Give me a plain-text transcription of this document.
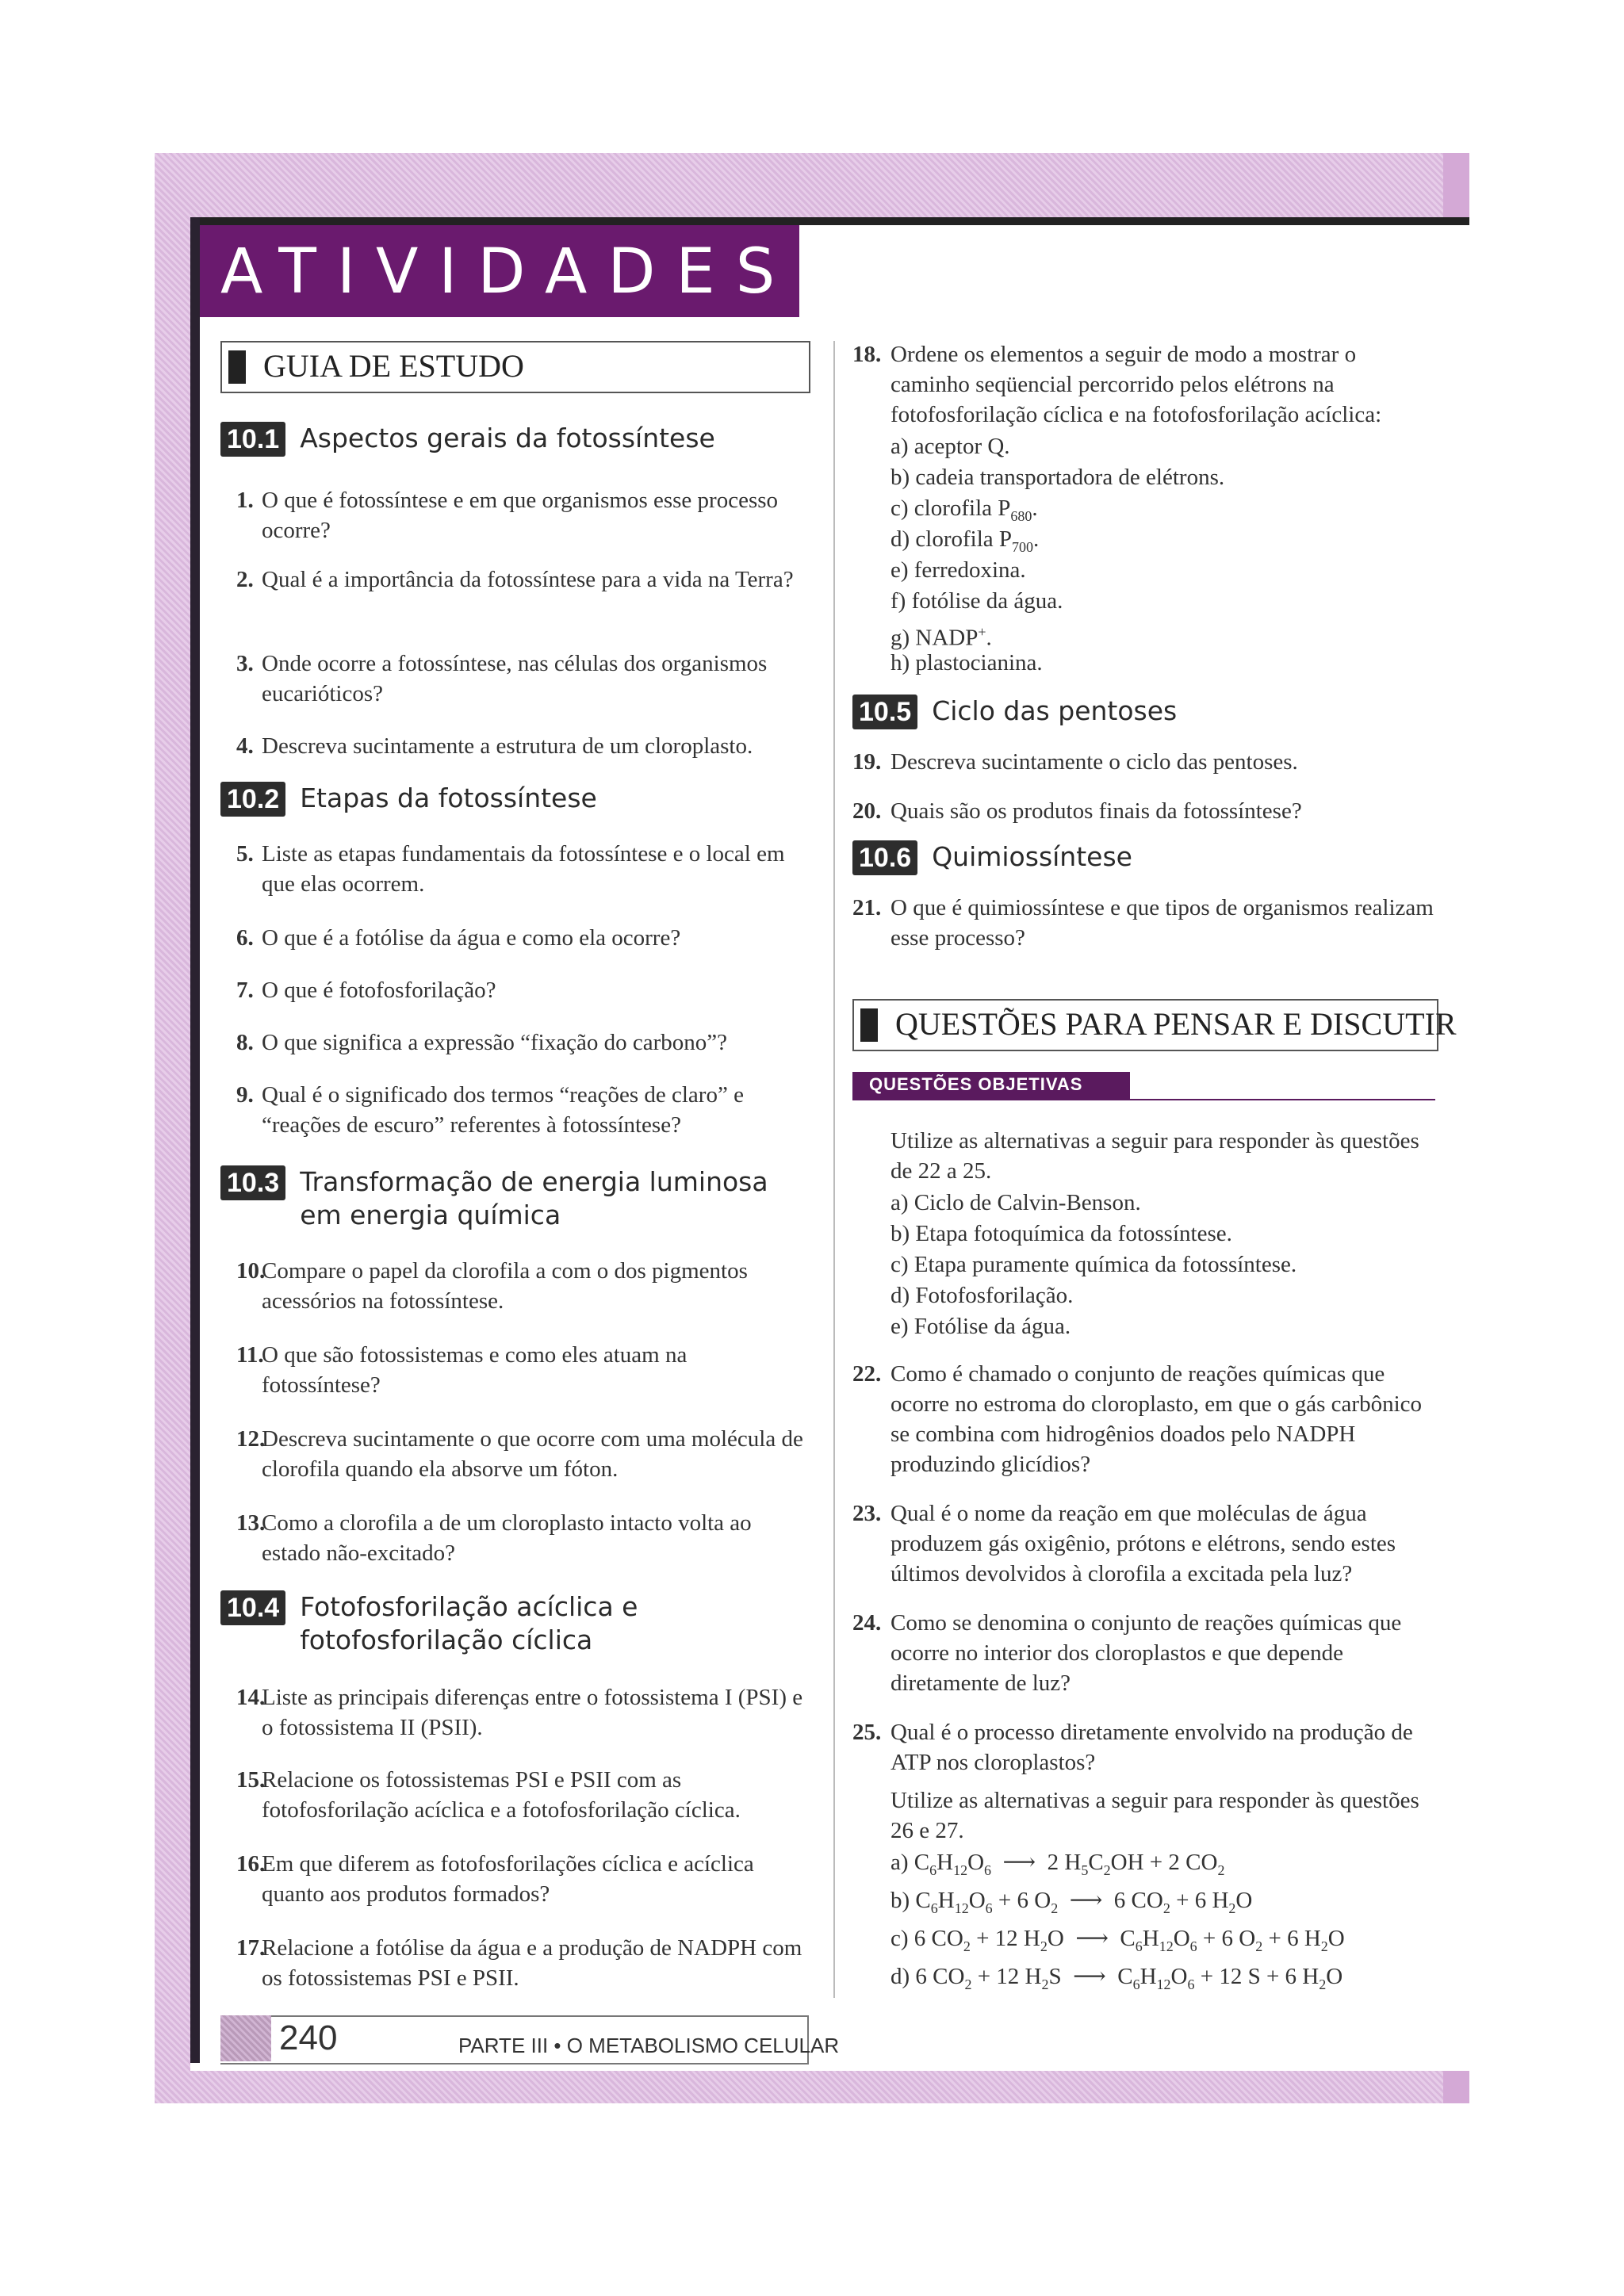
ATIVIDADES
GUIA DE ESTUDO
10.1 Aspectos gerais da fotossíntese
1. O que é fotossíntese e em que organismos esse processo ocorre?
2. Qual é a importância da fotossíntese para a vida na Terra?
3. Onde ocorre a fotossíntese, nas células dos organismos eucarióticos?
4. Descreva sucintamente a estrutura de um cloroplasto.
10.2 Etapas da fotossíntese
5. Liste as etapas fundamentais da fotossíntese e o local em que elas ocorrem.
6. O que é a fotólise da água e como ela ocorre?
7. O que é fotofosforilação?
8. O que significa a expressão “fixação do carbono”?
9. Qual é o significado dos termos “reações de claro” e “reações de escuro” referentes à fotossíntese?
10.3 Transformação de energia luminosa em energia química
10.
Compare o papel da clorofila a com o dos pigmentos acessórios na fotossíntese.
11.
O que são fotossistemas e como eles atuam na fotossíntese?
12.
Descreva sucintamente o que ocorre com uma molécula de clorofila quando ela absorve um fóton.
13.
Como a clorofila a de um cloroplasto intacto volta ao estado não-excitado?
10.4 Fotofosforilação acíclica e fotofosforilação cíclica
14.
Liste as principais diferenças entre o fotossistema I (PSI) e o fotossistema II (PSII).
15.
Relacione os fotossistemas PSI e PSII com as fotofosforilação acíclica e a fotofosforilação cíclica.
16.
Em que diferem as fotofosforilações cíclica e acíclica quanto aos produtos formados?
17.
Relacione a fotólise da água e a produção de NADPH com os fotossistemas PSI e PSII.
18. Ordene os elementos a seguir de modo a mostrar o caminho seqüencial percorrido pelos elétrons na fotofosforilação cíclica e na fotofosforilação acíclica:
a) aceptor Q.
b) cadeia transportadora de elétrons.
c) clorofila $P_{680}$.
d) clorofila $P_{700}$.
e) ferredoxina.
f) fotólise da água.
g) NADP+.
h) plastocianina.
10.5 Ciclo das pentoses
19. Descreva sucintamente o ciclo das pentoses.
20. Quais são os produtos finais da fotossíntese?
10.6 Quimiossíntese
21. O que é quimiossíntese e que tipos de organismos realizam esse processo?
QUESTÕES PARA PENSAR E DISCUTIR
QUESTÕES OBJETIVAS
Utilize as alternativas a seguir para responder às questões de 22 a 25.
a) Ciclo de Calvin-Benson.
b) Etapa fotoquímica da fotossíntese.
c) Etapa puramente química da fotossíntese.
d) Fotofosforilação.
e) Fotólise da água.
22. Como é chamado o conjunto de reações químicas que ocorre no estroma do cloroplasto, em que o gás carbônico se combina com hidrogênios doados pelo NADPH produzindo glicídios?
23. Qual é o nome da reação em que moléculas de água produzem gás oxigênio, prótons e elétrons, sendo estes últimos devolvidos à clorofila a excitada pela luz?
24. Como se denomina o conjunto de reações químicas que ocorre no interior dos cloroplastos e que depende diretamente de luz?
25. Qual é o processo diretamente envolvido na produção de ATP nos cloroplastos?
Utilize as alternativas a seguir para responder às questões 26 e 27.
a) $C_6H_{12}O_6$  ⟶  2 $H_5C_2OH + 2$ $CO_2$
b) $C_6H_{12}O_6 + 6$ $O_2$  ⟶  6 $CO_2 + 6$ $H_2O$
c) 6 $CO_2 + 12$ $H_2O$  ⟶  $C_6H_{12}O_6 + 6$ $O_2 + 6$ $H_2O$
d) 6 $CO_2 + 12$ $H_2S$  ⟶  $C_6H_{12}O_6 + 12$ S + 6 $H_2O$
240	PARTE III • O METABOLISMO CELULAR
